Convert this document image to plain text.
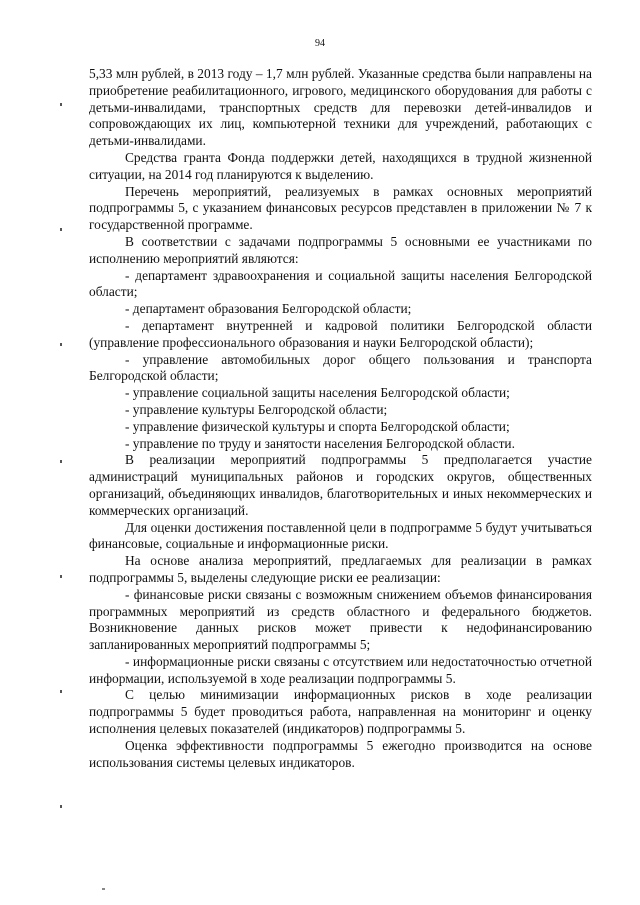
94

5,33 млн рублей, в 2013 году – 1,7 млн рублей. Указанные средства были направлены на приобретение реабилитационного, игрового, медицинского оборудования для работы с детьми-инвалидами, транспортных средств для перевозки детей-инвалидов и сопровождающих их лиц, компьютерной техники для учреждений, работающих с детьми-инвалидами.

Средства гранта Фонда поддержки детей, находящихся в трудной жизненной ситуации, на 2014 год планируются к выделению.

Перечень мероприятий, реализуемых в рамках основных мероприятий подпрограммы 5, с указанием финансовых ресурсов представлен в приложении № 7 к государственной программе.

В соответствии с задачами подпрограммы 5 основными ее участниками по исполнению мероприятий являются:

- департамент здравоохранения и социальной защиты населения Белгородской области;

- департамент образования Белгородской области;

- департамент внутренней и кадровой политики Белгородской области (управление профессионального образования и науки Белгородской области);

- управление автомобильных дорог общего пользования и транспорта Белгородской области;

- управление социальной защиты населения Белгородской области;

- управление культуры Белгородской области;

- управление физической культуры и спорта Белгородской области;

- управление по труду и занятости населения Белгородской области.

В реализации мероприятий подпрограммы 5 предполагается участие администраций муниципальных районов и городских округов, общественных организаций, объединяющих инвалидов, благотворительных и иных некоммерческих и коммерческих организаций.

Для оценки достижения поставленной цели в подпрограмме 5 будут учитываться финансовые, социальные и информационные риски.

На основе анализа мероприятий, предлагаемых для реализации в рамках подпрограммы 5, выделены следующие риски ее реализации:

- финансовые риски связаны с возможным снижением объемов финансирования программных мероприятий из средств областного и федерального бюджетов. Возникновение данных рисков может привести к недофинансированию запланированных мероприятий подпрограммы 5;

- информационные риски связаны с отсутствием или недостаточностью отчетной информации, используемой в ходе реализации подпрограммы 5.

С целью минимизации информационных рисков в ходе реализации подпрограммы 5 будет проводиться работа, направленная на мониторинг и оценку исполнения целевых показателей (индикаторов) подпрограммы 5.

Оценка эффективности подпрограммы 5 ежегодно производится на основе использования системы целевых индикаторов.
